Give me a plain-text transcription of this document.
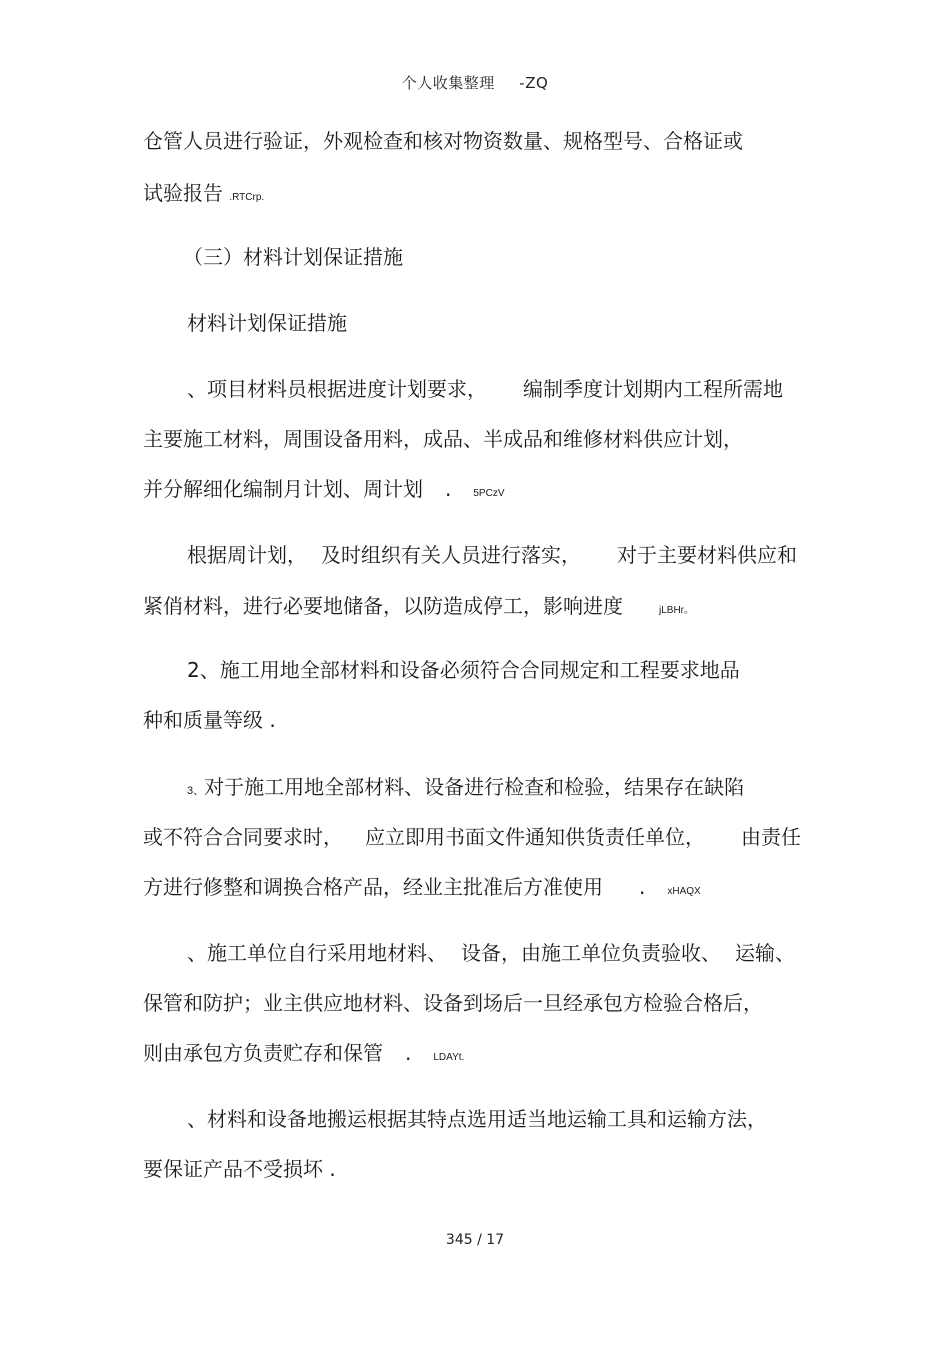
个人收集整理 -ZQ
仓管人员进行验证，外观检查和核对物资数量、规格型号、合格证或
试验报告 .RTCrp.
（三）材料计划保证措施
材料计划保证措施
、项目材料员根据进度计划要求， 编制季度计划期内工程所需地
主要施工材料，周围设备用料，成品、半成品和维修材料供应计划，
并分解细化编制月计划、周计划 . 5PCzV
根据周计划， 及时组织有关人员进行落实， 对于主要材料供应和
紧俏材料，进行必要地储备，以防造成停工，影响进度	jLBHr。
2、施工用地全部材料和设备必须符合合同规定和工程要求地品
种和质量等级 .
3、对于施工用地全部材料、设备进行检查和检验，结果存在缺陷
或不符合合同要求时， 应立即用书面文件通知供货责任单位， 由责任
方进行修整和调换合格产品，经业主批准后方准使用 . xHAQX
、施工单位自行采用地材料、 设备，由施工单位负责验收、 运输、
保管和防护；业主供应地材料、设备到场后一旦经承包方检验合格后，
则由承包方负责贮存和保管 . LDAYt.
、材料和设备地搬运根据其特点选用适当地运输工具和运输方法，
要保证产品不受损坏 .
345 / 17
